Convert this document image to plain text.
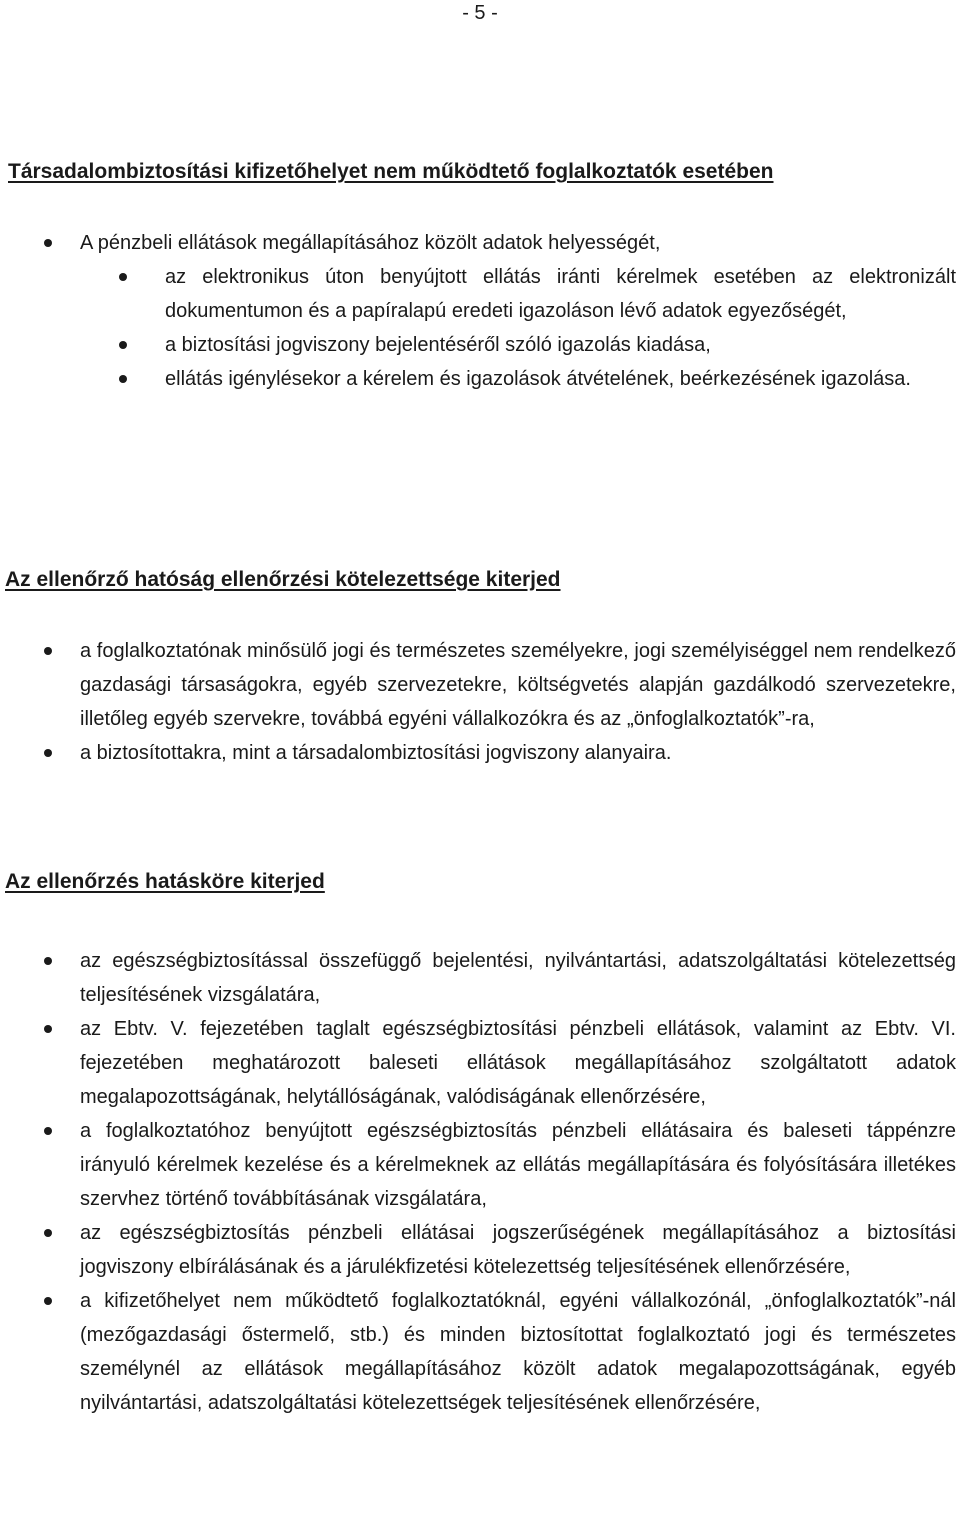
- 5 -
Társadalombiztosítási kifizetőhelyet nem működtető foglalkoztatók esetében
A pénzbeli ellátások megállapításához közölt adatok helyességét,
az elektronikus úton benyújtott ellátás iránti kérelmek esetében az elektronizált dokumentumon és a papíralapú eredeti igazoláson lévő adatok egyezőségét,
a biztosítási jogviszony bejelentéséről szóló igazolás kiadása,
ellátás igénylésekor a kérelem és igazolások átvételének, beérkezésének igazolása.
Az ellenőrző hatóság ellenőrzési kötelezettsége kiterjed
a foglalkoztatónak minősülő jogi és természetes személyekre, jogi személyiséggel nem rendelkező gazdasági társaságokra, egyéb szervezetekre, költségvetés alapján gazdálkodó szervezetekre, illetőleg egyéb szervekre, továbbá egyéni vállalkozókra és az „önfoglalkoztatók”-ra,
a biztosítottakra, mint a társadalombiztosítási jogviszony alanyaira.
Az ellenőrzés hatásköre kiterjed
az egészségbiztosítással összefüggő bejelentési, nyilvántartási, adatszolgáltatási kötelezettség teljesítésének vizsgálatára,
az Ebtv. V. fejezetében taglalt egészségbiztosítási pénzbeli ellátások, valamint az Ebtv. VI. fejezetében meghatározott baleseti ellátások megállapításához szolgáltatott adatok megalapozottságának, helytállóságának, valódiságának ellenőrzésére,
a foglalkoztatóhoz benyújtott egészségbiztosítás pénzbeli ellátásaira és baleseti táppénzre irányuló kérelmek kezelése és a kérelmeknek az ellátás megállapítására és folyósítására illetékes szervhez történő továbbításának vizsgálatára,
az egészségbiztosítás pénzbeli ellátásai jogszerűségének megállapításához a biztosítási jogviszony elbírálásának és a járulékfizetési kötelezettség teljesítésének ellenőrzésére,
a kifizetőhelyet nem működtető foglalkoztatóknál, egyéni vállalkozónál, „önfoglalkoztatók”-nál (mezőgazdasági őstermelő, stb.) és minden biztosítottat foglalkoztató jogi és természetes személynél az ellátások megállapításához közölt adatok megalapozottságának, egyéb nyilvántartási, adatszolgáltatási kötelezettségek teljesítésének ellenőrzésére,
